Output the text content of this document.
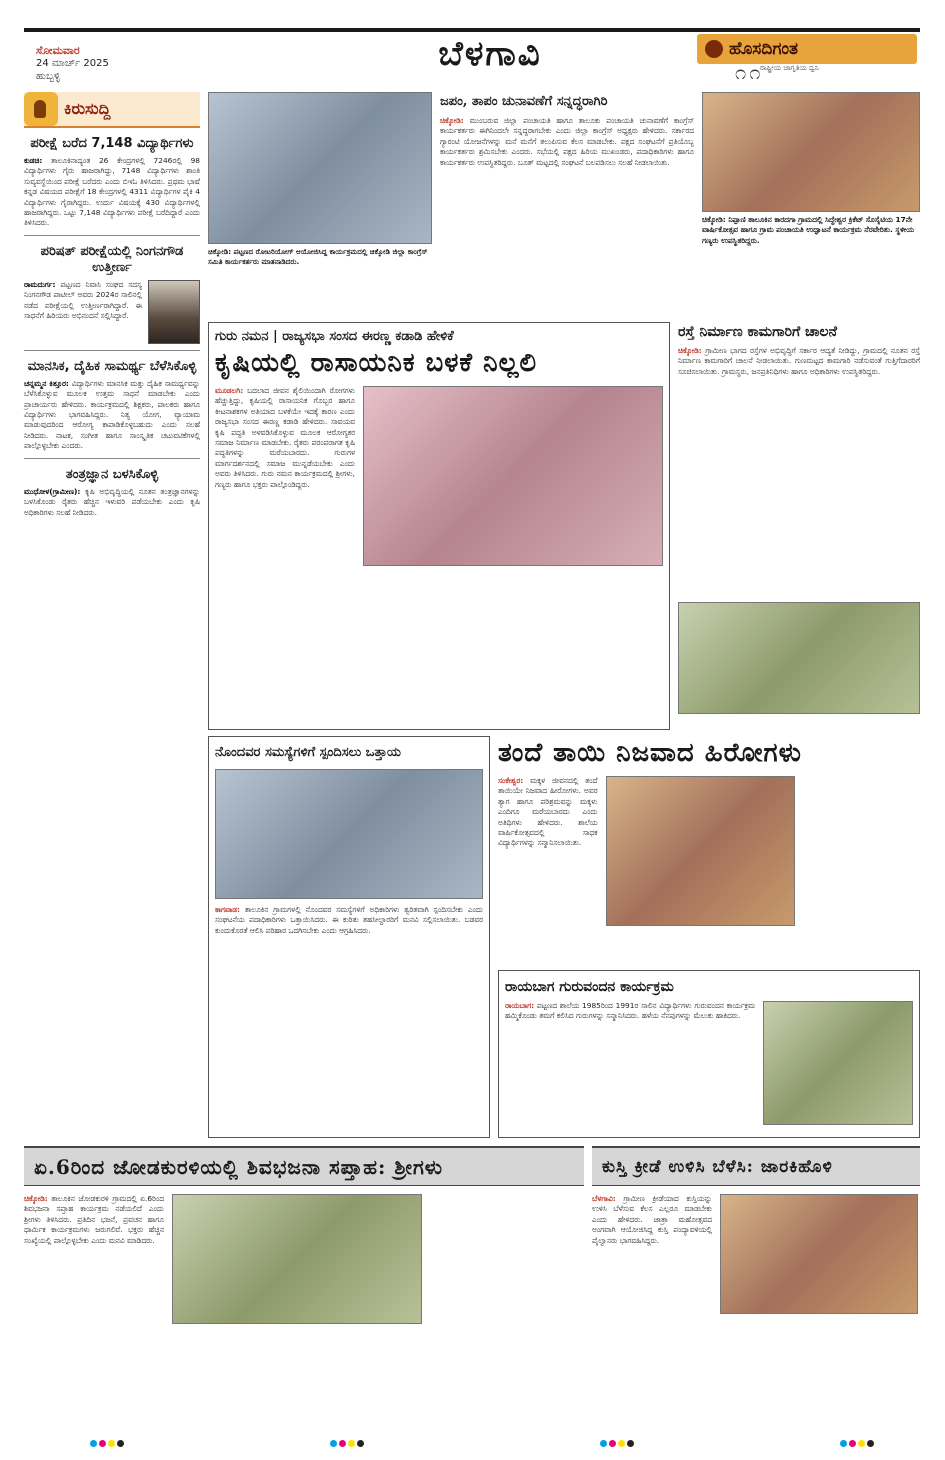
ಸೋಮವಾರ
24 ಮಾರ್ಚ್ 2025
ಹುಬ್ಬಳ್ಳಿ
ಬೆಳಗಾವಿ	ಹೊಸದಿಗಂತ
೧೧
ರಾಷ್ಟ್ರೀಯ ಜಾಗೃತಿಯ ಧ್ವನಿ
ಕಿರುಸುದ್ದಿ
ಪರೀಕ್ಷೆ ಬರೆದ 7,148 ವಿದ್ಯಾರ್ಥಿಗಳು
ಕುಡಚಿ: ತಾಲೂಕಿನಾದ್ಯಂತ 26 ಕೇಂದ್ರಗಳಲ್ಲಿ 7246ರಲ್ಲಿ 98 ವಿದ್ಯಾರ್ಥಿಗಳು ಗೈರು ಹಾಜರಾಗಿದ್ದು, 7148 ವಿದ್ಯಾರ್ಥಿಗಳು ಶಾಂತಿ ಸುವ್ಯವಸ್ಥೆಯಿಂದ ಪರೀಕ್ಷೆ ಬರೆದರು ಎಂದು ಬಿಇಓ ತಿಳಿಸಿದರು. ಪ್ರಥಮ ಭಾಷೆ ಕನ್ನಡ ವಿಷಯದ ಪರೀಕ್ಷೆಗೆ 18 ಕೇಂದ್ರಗಳಲ್ಲಿ 4311 ವಿದ್ಯಾರ್ಥಿಗಳ ಪೈಕಿ 4 ವಿದ್ಯಾರ್ಥಿಗಳು ಗೈರಾಗಿದ್ದರು. ಉರ್ದು ವಿಷಯಕ್ಕೆ 430 ವಿದ್ಯಾರ್ಥಿಗಳಲ್ಲಿ ಹಾಜರಾಗಿದ್ದರು. ಒಟ್ಟು 7,148 ವಿದ್ಯಾರ್ಥಿಗಳು ಪರೀಕ್ಷೆ ಬರೆದಿದ್ದಾರೆ ಎಂದು ತಿಳಿಸಿದರು.
ಪರಿಷತ್ ಪರೀಕ್ಷೆಯಲ್ಲಿ ನಿಂಗನಗೌಡ ಉತ್ತೀರ್ಣ
ರಾಮದುರ್ಗ: ಪಟ್ಟಣದ ನಿವಾಸಿ ಸಂಘದ ಸದಸ್ಯ ನಿಂಗನಗೌಡ ಪಾಟೀಲ್ ಅವರು 2024ರ ಸಾಲಿನಲ್ಲಿ ನಡೆದ ಪರೀಕ್ಷೆಯಲ್ಲಿ ಉತ್ತೀರ್ಣರಾಗಿದ್ದಾರೆ. ಈ ಸಾಧನೆಗೆ ಹಿರಿಯರು ಅಭಿನಂದನೆ ಸಲ್ಲಿಸಿದ್ದಾರೆ.
ಮಾನಸಿಕ, ದೈಹಿಕ ಸಾಮರ್ಥ್ಯ ಬೆಳೆಸಿಕೊಳ್ಳಿ
ಚನ್ನಮ್ಮನ ಕಿತ್ತೂರ: ವಿದ್ಯಾರ್ಥಿಗಳು ಮಾನಸಿಕ ಮತ್ತು ದೈಹಿಕ ಸಾಮರ್ಥ್ಯವನ್ನು ಬೆಳೆಸಿಕೊಳ್ಳುವ ಮೂಲಕ ಉತ್ತಮ ಸಾಧನೆ ಮಾಡಬೇಕು ಎಂದು ಪ್ರಾಚಾರ್ಯರು ಹೇಳಿದರು. ಕಾರ್ಯಕ್ರಮದಲ್ಲಿ ಶಿಕ್ಷಕರು, ಪಾಲಕರು ಹಾಗೂ ವಿದ್ಯಾರ್ಥಿಗಳು ಭಾಗವಹಿಸಿದ್ದರು. ನಿತ್ಯ ಯೋಗ, ವ್ಯಾಯಾಮ ಮಾಡುವುದರಿಂದ ಆರೋಗ್ಯ ಕಾಪಾಡಿಕೊಳ್ಳಬಹುದು ಎಂದು ಸಲಹೆ ನೀಡಿದರು. ನಾಟಕ, ಸಂಗೀತ ಹಾಗೂ ಸಾಂಸ್ಕೃತಿಕ ಚಟುವಟಿಕೆಗಳಲ್ಲಿ ಪಾಲ್ಗೊಳ್ಳಬೇಕು ಎಂದರು.
ತಂತ್ರಜ್ಞಾನ ಬಳಸಿಕೊಳ್ಳಿ
ಮುಧೋಳ(ಗ್ರಾಮೀಣ): ಕೃಷಿ ಅಭಿವೃದ್ಧಿಯಲ್ಲಿ ನೂತನ ತಂತ್ರಜ್ಞಾನಗಳನ್ನು ಬಳಸಿಕೊಂಡು ರೈತರು ಹೆಚ್ಚಿನ ಇಳುವರಿ ಪಡೆಯಬೇಕು ಎಂದು ಕೃಷಿ ಅಧಿಕಾರಿಗಳು ಸಲಹೆ ನೀಡಿದರು.
ಚಿಕ್ಕೋಡಿ: ಪಟ್ಟಣದ ರೋಟರಿಯೋಗ್ ಆಯೋಜಿಸಿದ್ದ ಕಾರ್ಯಕ್ರಮದಲ್ಲಿ ಚಿಕ್ಕೋಡಿ ಜಿಲ್ಲಾ ಕಾಂಗ್ರೆಸ್ ಸಮಿತಿ ಕಾರ್ಯಕರ್ತರು ಮಾತನಾಡಿದರು.
ಜಪಂ, ತಾಪಂ ಚುನಾವಣೆಗೆ ಸನ್ನದ್ಧರಾಗಿರಿ
ಚಿಕ್ಕೋಡಿ: ಮುಂಬರುವ ಜಿಲ್ಲಾ ಪಂಚಾಯತಿ ಹಾಗೂ ತಾಲೂಕು ಪಂಚಾಯತಿ ಚುನಾವಣೆಗೆ ಕಾಂಗ್ರೆಸ್ ಕಾರ್ಯಕರ್ತರು ಈಗಿನಿಂದಲೇ ಸನ್ನದ್ಧರಾಗಬೇಕು ಎಂದು ಜಿಲ್ಲಾ ಕಾಂಗ್ರೆಸ್ ಅಧ್ಯಕ್ಷರು ಹೇಳಿದರು. ಸರ್ಕಾರದ ಗ್ಯಾರಂಟಿ ಯೋಜನೆಗಳನ್ನು ಮನೆ ಮನೆಗೆ ತಲುಪಿಸುವ ಕೆಲಸ ಮಾಡಬೇಕು. ಪಕ್ಷದ ಸಂಘಟನೆಗೆ ಪ್ರತಿಯೊಬ್ಬ ಕಾರ್ಯಕರ್ತರು ಶ್ರಮಿಸಬೇಕು ಎಂದರು. ಸಭೆಯಲ್ಲಿ ಪಕ್ಷದ ಹಿರಿಯ ಮುಖಂಡರು, ಪದಾಧಿಕಾರಿಗಳು ಹಾಗೂ ಕಾರ್ಯಕರ್ತರು ಉಪಸ್ಥಿತರಿದ್ದರು. ಬೂತ್ ಮಟ್ಟದಲ್ಲಿ ಸಂಘಟನೆ ಬಲಪಡಿಸಲು ಸಲಹೆ ನೀಡಲಾಯಿತು.
ಚಿಕ್ಕೋಡಿ: ನಿಪ್ಪಾಣಿ ತಾಲೂಕಿನ ಕಾರದಗಾ ಗ್ರಾಮದಲ್ಲಿ ಸಿದ್ಧೇಶ್ವರ ಕ್ರಿಕೆಟ್ ಸೊಸೈಟಿಯ 17ನೇ ವಾರ್ಷಿಕೋತ್ಸವ ಹಾಗೂ ಗ್ರಾಮ ಪಂಚಾಯತಿ ಉದ್ಘಾಟನೆ ಕಾರ್ಯಕ್ರಮ ನೆರವೇರಿತು. ಸ್ಥಳೀಯ ಗಣ್ಯರು ಉಪಸ್ಥಿತರಿದ್ದರು.
ಗುರು ನಮನ | ರಾಜ್ಯಸಭಾ ಸಂಸದ ಈರಣ್ಣ ಕಡಾಡಿ ಹೇಳಿಕೆ
ಕೃಷಿಯಲ್ಲಿ ರಾಸಾಯನಿಕ ಬಳಕೆ ನಿಲ್ಲಲಿ
ಮೂಡಲಗಿ: ಬದಲಾದ ಜೀವನ ಶೈಲಿಯಿಂದಾಗಿ ರೋಗಗಳು ಹೆಚ್ಚುತ್ತಿದ್ದು, ಕೃಷಿಯಲ್ಲಿ ರಾಸಾಯನಿಕ ಗೊಬ್ಬರ ಹಾಗೂ ಕೀಟನಾಶಕಗಳ ಅತಿಯಾದ ಬಳಕೆಯೇ ಇದಕ್ಕೆ ಕಾರಣ ಎಂದು ರಾಜ್ಯಸಭಾ ಸಂಸದ ಈರಣ್ಣ ಕಡಾಡಿ ಹೇಳಿದರು. ಸಾವಯವ ಕೃಷಿ ಪದ್ಧತಿ ಅಳವಡಿಸಿಕೊಳ್ಳುವ ಮೂಲಕ ಆರೋಗ್ಯಕರ ಸಮಾಜ ನಿರ್ಮಾಣ ಮಾಡಬೇಕು. ರೈತರು ಪರಂಪರಾಗತ ಕೃಷಿ ಪದ್ಧತಿಗಳನ್ನು ಮರೆಯಬಾರದು. ಗುರುಗಳ ಮಾರ್ಗದರ್ಶನದಲ್ಲಿ ಸಮಾಜ ಮುನ್ನಡೆಯಬೇಕು ಎಂದು ಅವರು ತಿಳಿಸಿದರು. ಗುರು ನಮನ ಕಾರ್ಯಕ್ರಮದಲ್ಲಿ ಶ್ರೀಗಳು, ಗಣ್ಯರು ಹಾಗೂ ಭಕ್ತರು ಪಾಲ್ಗೊಂಡಿದ್ದರು.
ರಸ್ತೆ ನಿರ್ಮಾಣ ಕಾಮಗಾರಿಗೆ ಚಾಲನೆ
ಚಿಕ್ಕೋಡಿ: ಗ್ರಾಮೀಣ ಭಾಗದ ರಸ್ತೆಗಳ ಅಭಿವೃದ್ಧಿಗೆ ಸರ್ಕಾರ ಆದ್ಯತೆ ನೀಡಿದ್ದು, ಗ್ರಾಮದಲ್ಲಿ ನೂತನ ರಸ್ತೆ ನಿರ್ಮಾಣ ಕಾಮಗಾರಿಗೆ ಚಾಲನೆ ನೀಡಲಾಯಿತು. ಗುಣಮಟ್ಟದ ಕಾಮಗಾರಿ ನಡೆಸುವಂತೆ ಗುತ್ತಿಗೆದಾರರಿಗೆ ಸೂಚಿಸಲಾಯಿತು. ಗ್ರಾಮಸ್ಥರು, ಜನಪ್ರತಿನಿಧಿಗಳು ಹಾಗೂ ಅಧಿಕಾರಿಗಳು ಉಪಸ್ಥಿತರಿದ್ದರು.
ನೊಂದವರ ಸಮಸ್ಯೆಗಳಿಗೆ ಸ್ಪಂದಿಸಲು ಒತ್ತಾಯ
ಕಾಗವಾಡ: ತಾಲೂಕಿನ ಗ್ರಾಮಗಳಲ್ಲಿ ನೊಂದವರ ಸಮಸ್ಯೆಗಳಿಗೆ ಅಧಿಕಾರಿಗಳು ತ್ವರಿತವಾಗಿ ಸ್ಪಂದಿಸಬೇಕು ಎಂದು ಸಂಘಟನೆಯ ಪದಾಧಿಕಾರಿಗಳು ಒತ್ತಾಯಿಸಿದರು. ಈ ಕುರಿತು ತಹಸೀಲ್ದಾರರಿಗೆ ಮನವಿ ಸಲ್ಲಿಸಲಾಯಿತು. ಬಡವರ ಕುಂದುಕೊರತೆ ಆಲಿಸಿ ಪರಿಹಾರ ಒದಗಿಸಬೇಕು ಎಂದು ಆಗ್ರಹಿಸಿದರು.
ತಂದೆ ತಾಯಿ ನಿಜವಾದ ಹಿರೋಗಳು
ಸಂಕೇಶ್ವರ: ಮಕ್ಕಳ ಜೀವನದಲ್ಲಿ ತಂದೆ ತಾಯಿಯೇ ನಿಜವಾದ ಹೀರೋಗಳು. ಅವರ ತ್ಯಾಗ ಹಾಗೂ ಪರಿಶ್ರಮವನ್ನು ಮಕ್ಕಳು ಎಂದಿಗೂ ಮರೆಯಬಾರದು ಎಂದು ಅತಿಥಿಗಳು ಹೇಳಿದರು. ಶಾಲೆಯ ವಾರ್ಷಿಕೋತ್ಸವದಲ್ಲಿ ಸಾಧಕ ವಿದ್ಯಾರ್ಥಿಗಳನ್ನು ಸನ್ಮಾನಿಸಲಾಯಿತು.
ರಾಯಬಾಗ ಗುರುವಂದನ ಕಾರ್ಯಕ್ರಮ
ರಾಯಬಾಗ: ಪಟ್ಟಣದ ಶಾಲೆಯ 1985ರಿಂದ 1991ರ ಸಾಲಿನ ವಿದ್ಯಾರ್ಥಿಗಳು ಗುರುವಂದನ ಕಾರ್ಯಕ್ರಮ ಹಮ್ಮಿಕೊಂಡು ತಮಗೆ ಕಲಿಸಿದ ಗುರುಗಳನ್ನು ಸನ್ಮಾನಿಸಿದರು. ಹಳೆಯ ನೆನಪುಗಳನ್ನು ಮೆಲುಕು ಹಾಕಿದರು.
ಏ.6ರಿಂದ ಜೋಡಕುರಳಿಯಲ್ಲಿ ಶಿವಭಜನಾ ಸಪ್ತಾಹ: ಶ್ರೀಗಳು
ಚಿಕ್ಕೋಡಿ: ತಾಲೂಕಿನ ಜೋಡಕುರಳಿ ಗ್ರಾಮದಲ್ಲಿ ಏ.6ರಿಂದ ಶಿವಭಜನಾ ಸಪ್ತಾಹ ಕಾರ್ಯಕ್ರಮ ನಡೆಯಲಿದೆ ಎಂದು ಶ್ರೀಗಳು ತಿಳಿಸಿದರು. ಪ್ರತಿದಿನ ಭಜನೆ, ಪ್ರವಚನ ಹಾಗೂ ಧಾರ್ಮಿಕ ಕಾರ್ಯಕ್ರಮಗಳು ಜರುಗಲಿವೆ. ಭಕ್ತರು ಹೆಚ್ಚಿನ ಸಂಖ್ಯೆಯಲ್ಲಿ ಪಾಲ್ಗೊಳ್ಳಬೇಕು ಎಂದು ಮನವಿ ಮಾಡಿದರು.
ಕುಸ್ತಿ ಕ್ರೀಡೆ ಉಳಿಸಿ ಬೆಳೆಸಿ: ಜಾರಕಿಹೊಳಿ
ಬೆಳಗಾವಿ: ಗ್ರಾಮೀಣ ಕ್ರೀಡೆಯಾದ ಕುಸ್ತಿಯನ್ನು ಉಳಿಸಿ ಬೆಳೆಸುವ ಕೆಲಸ ಎಲ್ಲರೂ ಮಾಡಬೇಕು ಎಂದು ಹೇಳಿದರು. ಜಾತ್ರಾ ಮಹೋತ್ಸವದ ಅಂಗವಾಗಿ ಆಯೋಜಿಸಿದ್ದ ಕುಸ್ತಿ ಪಂದ್ಯಾವಳಿಯಲ್ಲಿ ಪೈಲ್ವಾನರು ಭಾಗವಹಿಸಿದ್ದರು.
